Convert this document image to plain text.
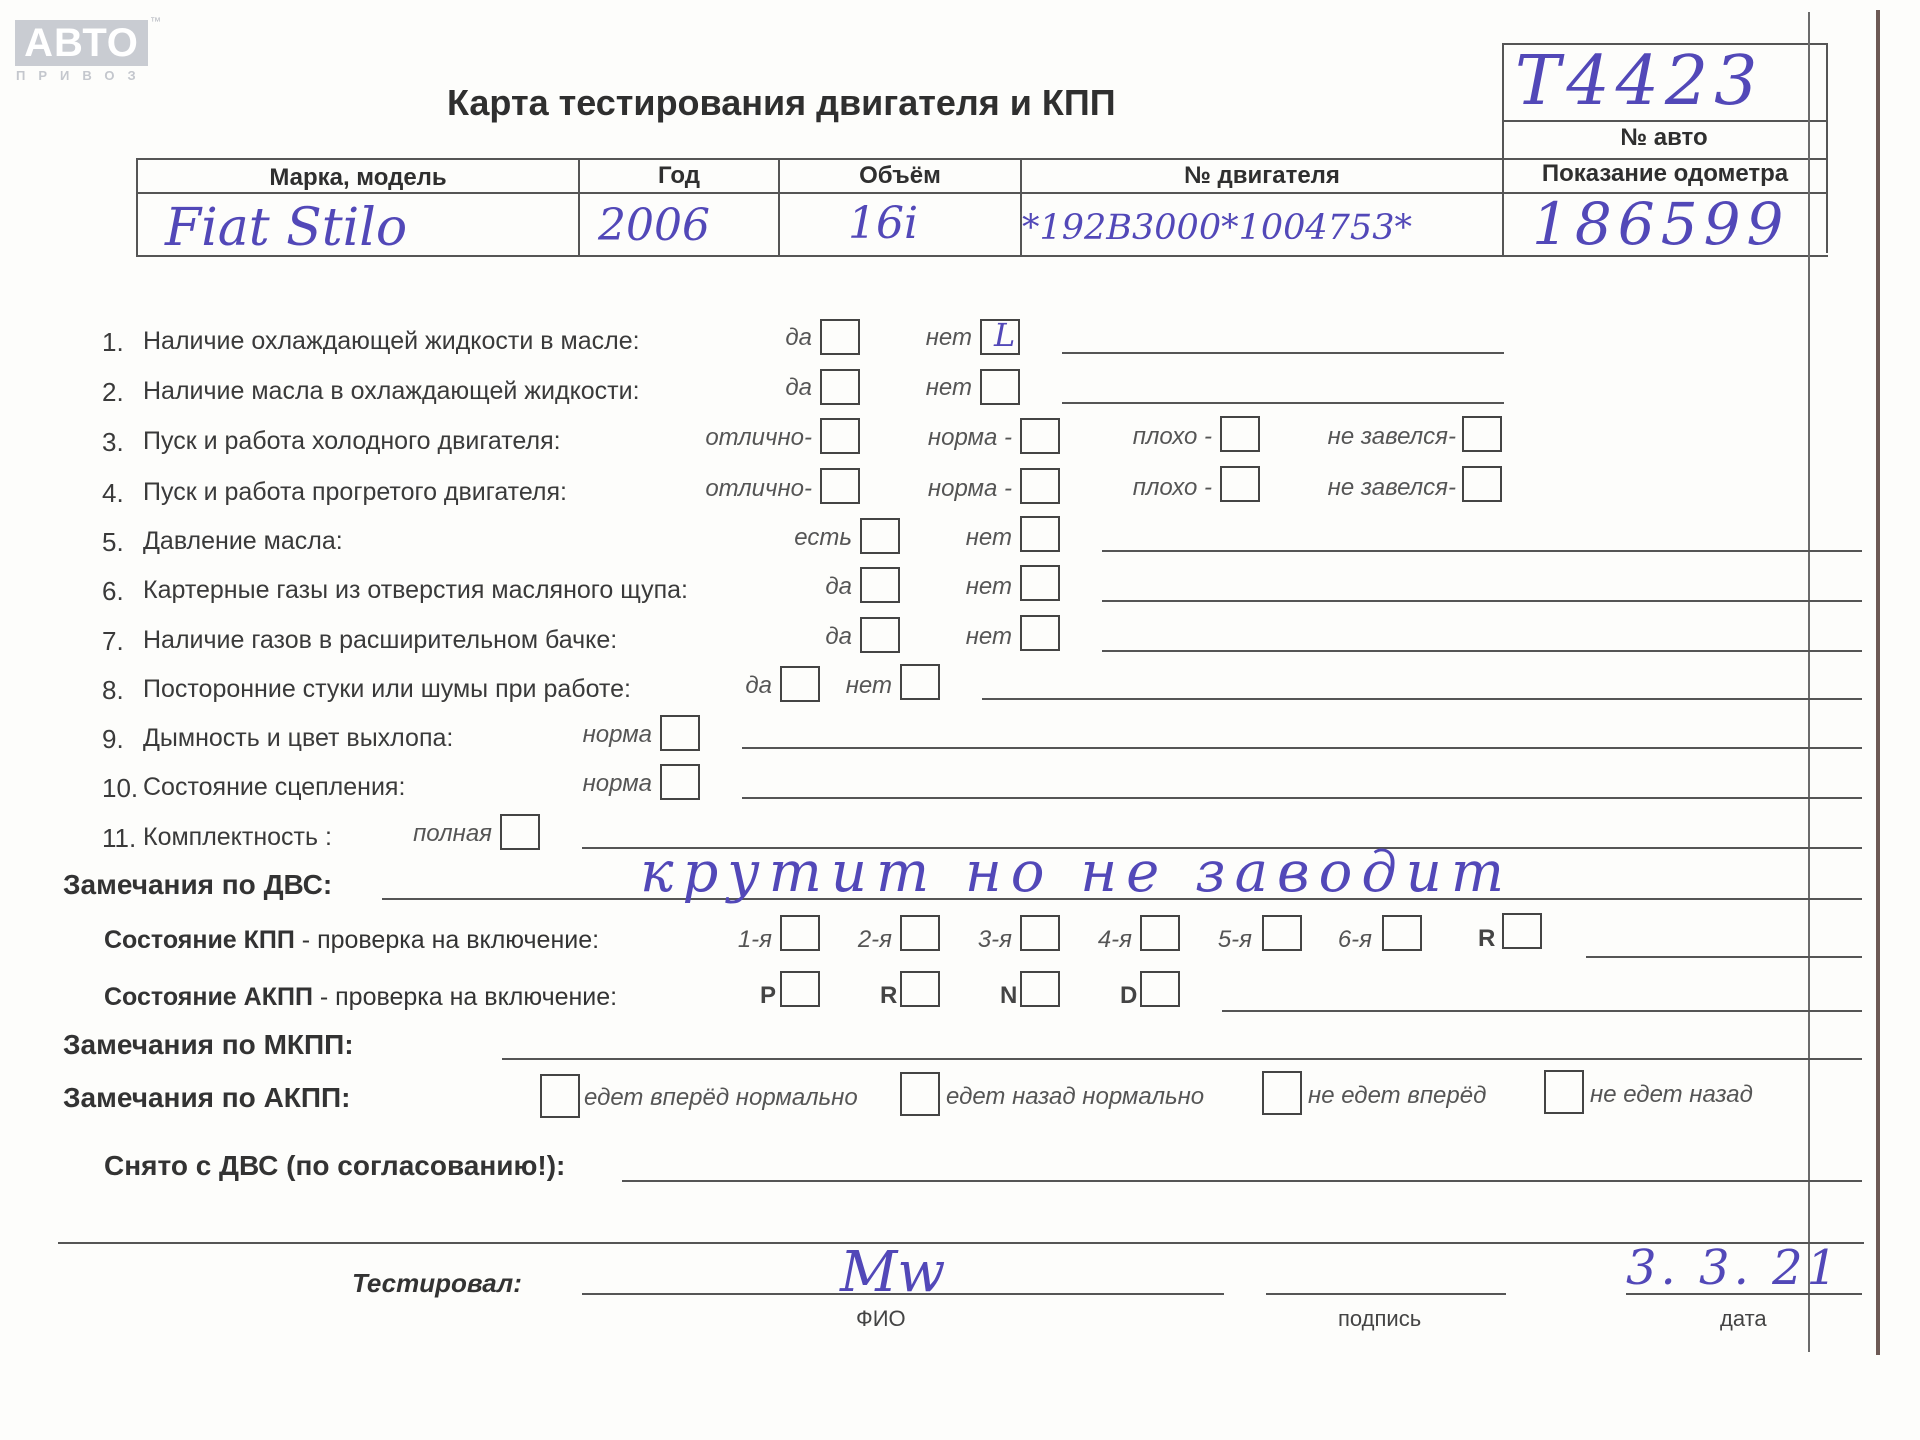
АВТО	™
ПРИВОЗ
Карта тестирования двигателя и КПП	T4423
№ авто
Марка, модель	Год	Объём	№ двигателя	Показание одометра
Fiat Stilo	2006	16i	*192B3000*1004753* 186599
1. Наличие охлаждающей жидкости в масле:	да	нет L
2. Наличие масла в охлаждающей жидкости:	да	нет
3. Пуск и работа холодного двигателя:	отлично-	норма -	плохо -	не завелся-
4. Пуск и работа прогретого двигателя:	отлично-	норма -	плохо -	не завелся-
5. Давление масла:	есть	нет
6. Картерные газы из отверстия масляного щупа:	да	нет
7. Наличие газов в расширительном бачке:	да	нет
8. Посторонние стуки или шумы при работе:	да	нет
9. Дымность и цвет выхлопа:	норма
10. Состояние сцепления:	норма
11. Комплектность :	полная
Замечания по ДВС:	крутит но не заводит
Состояние КПП - проверка на включение:	1-я	2-я	3-я	4-я	5-я	6-я	R
Состояние АКПП - проверка на включение:	P	R	N	D
Замечания по МКПП:
Замечания по АКПП:	едет вперёд нормально	едет назад нормально	не едет вперёд	не едет назад
Снято с ДВС (по согласованию!):
Тестировал:	Мw	3. 3. 21
ФИО	подпись	дата
